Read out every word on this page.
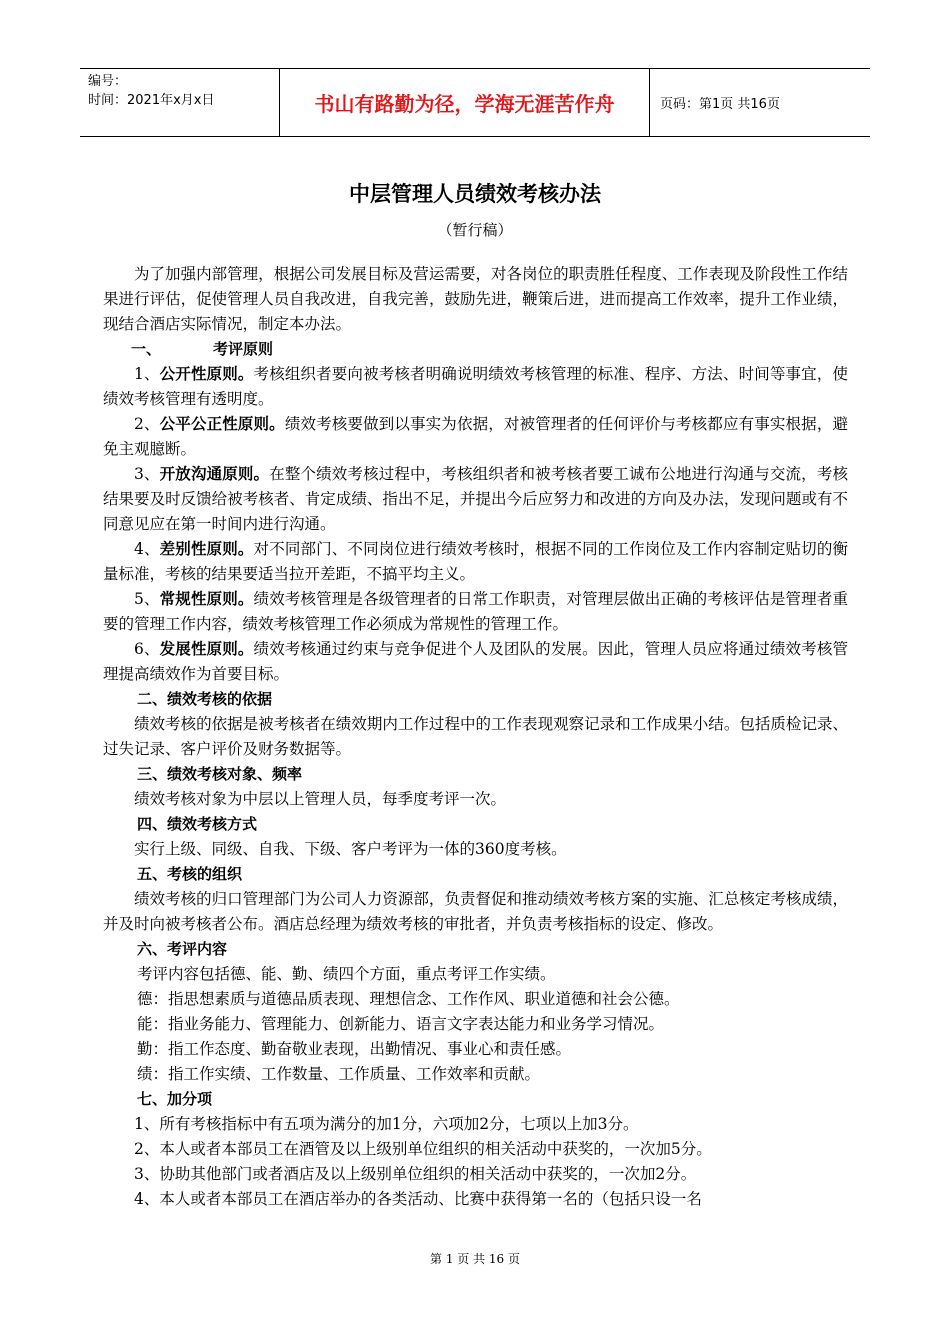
编号：
时间：2021年x月x日	书山有路勤为径，学海无涯苦作舟	页码：第1页 共16页
中层管理人员绩效考核办法
（暂行稿）

为了加强内部管理，根据公司发展目标及营运需要，对各岗位的职责胜任程度、工作表现及阶段性工作结果进行评估，促使管理人员自我改进，自我完善，鼓励先进，鞭策后进，进而提高工作效率，提升工作业绩，现结合酒店实际情况，制定本办法。

一、	考评原则

1、公开性原则。考核组织者要向被考核者明确说明绩效考核管理的标准、程序、方法、时间等事宜，使绩效考核管理有透明度。

2、公平公正性原则。绩效考核要做到以事实为依据，对被管理者的任何评价与考核都应有事实根据，避免主观臆断。

3、开放沟通原则。在整个绩效考核过程中，考核组织者和被考核者要工诚布公地进行沟通与交流，考核结果要及时反馈给被考核者、肯定成绩、指出不足，并提出今后应努力和改进的方向及办法，发现问题或有不同意见应在第一时间内进行沟通。

4、差别性原则。对不同部门、不同岗位进行绩效考核时，根据不同的工作岗位及工作内容制定贴切的衡量标准，考核的结果要适当拉开差距，不搞平均主义。

5、常规性原则。绩效考核管理是各级管理者的日常工作职责，对管理层做出正确的考核评估是管理者重要的管理工作内容，绩效考核管理工作必须成为常规性的管理工作。

6、发展性原则。绩效考核通过约束与竞争促进个人及团队的发展。因此，管理人员应将通过绩效考核管理提高绩效作为首要目标。

二、绩效考核的依据

绩效考核的依据是被考核者在绩效期内工作过程中的工作表现观察记录和工作成果小结。包括质检记录、过失记录、客户评价及财务数据等。

三、绩效考核对象、频率

绩效考核对象为中层以上管理人员，每季度考评一次。

四、绩效考核方式

实行上级、同级、自我、下级、客户考评为一体的360度考核。

五、考核的组织

绩效考核的归口管理部门为公司人力资源部，负责督促和推动绩效考核方案的实施、汇总核定考核成绩，并及时向被考核者公布。酒店总经理为绩效考核的审批者，并负责考核指标的设定、修改。

六、考评内容

考评内容包括德、能、勤、绩四个方面，重点考评工作实绩。

德：指思想素质与道德品质表现、理想信念、工作作风、职业道德和社会公德。

能：指业务能力、管理能力、创新能力、语言文字表达能力和业务学习情况。

勤：指工作态度、勤奋敬业表现，出勤情况、事业心和责任感。

绩：指工作实绩、工作数量、工作质量、工作效率和贡献。

七、加分项

1、所有考核指标中有五项为满分的加1分，六项加2分，七项以上加3分。

2、本人或者本部员工在酒管及以上级别单位组织的相关活动中获奖的，一次加5分。

3、协助其他部门或者酒店及以上级别单位组织的相关活动中获奖的，一次加2分。

4、本人或者本部员工在酒店举办的各类活动、比赛中获得第一名的（包括只设一名

第 1 页 共 16 页
